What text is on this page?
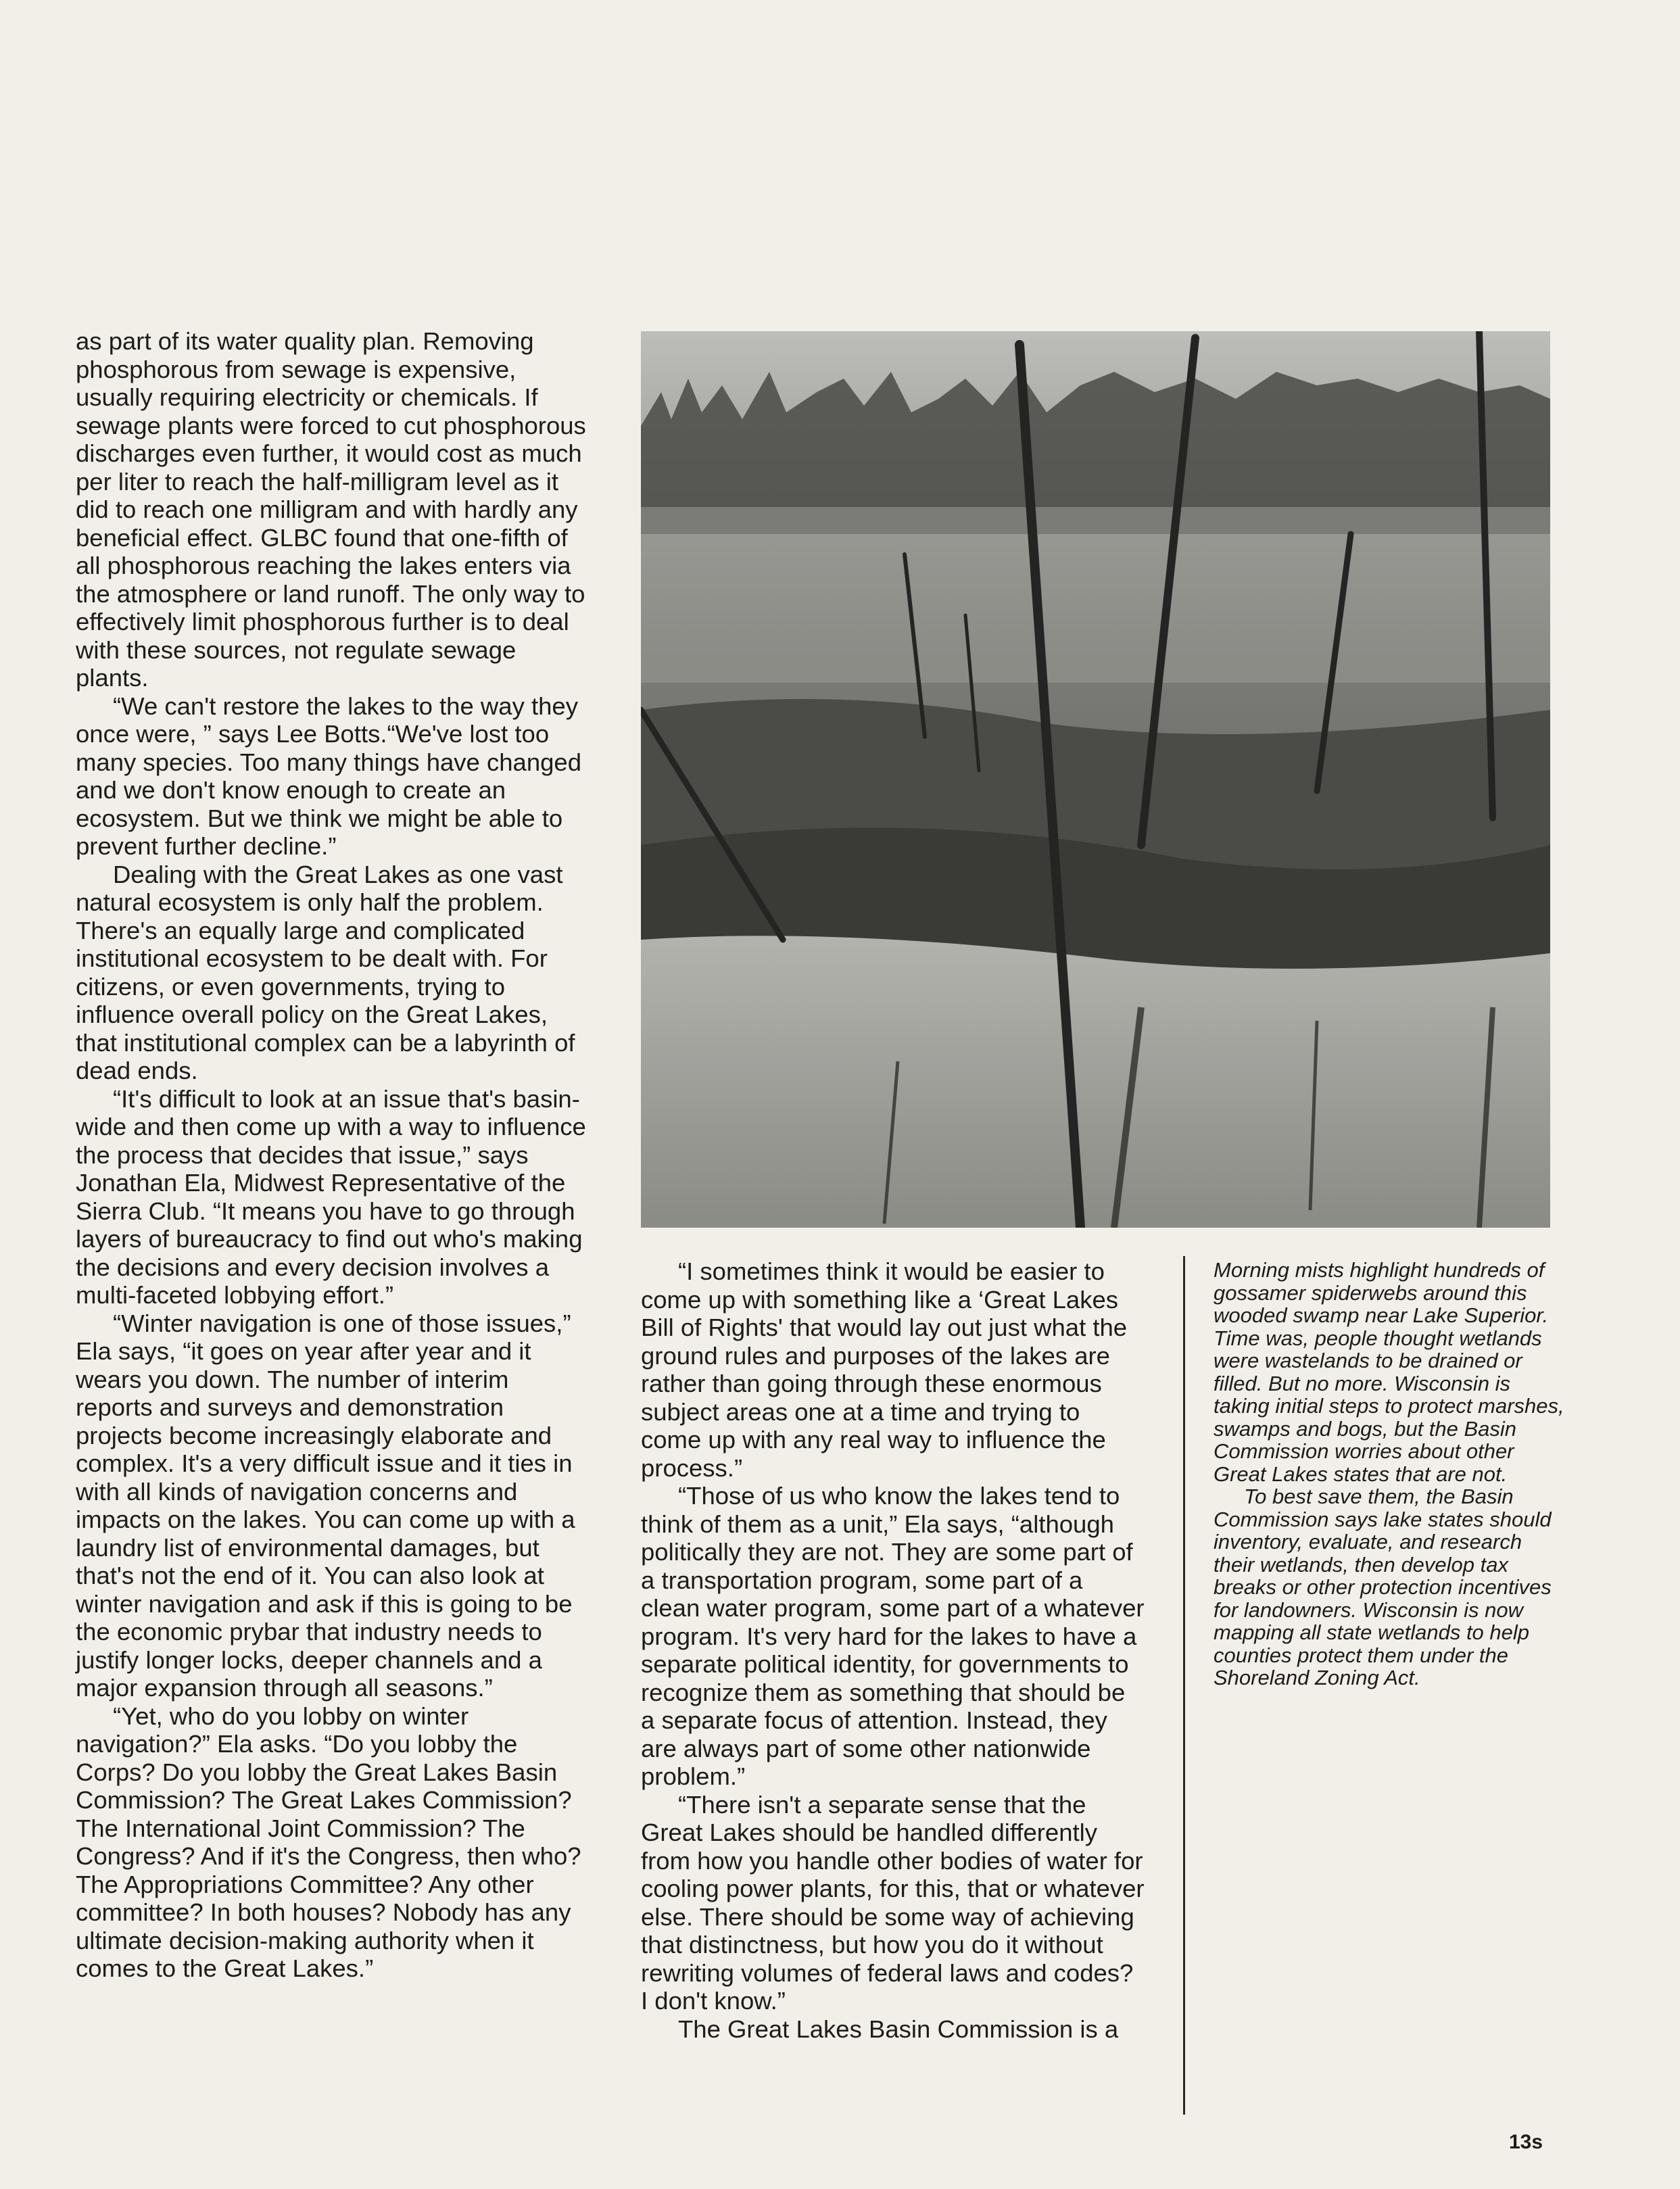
as part of its water quality plan. Removing phosphorous from sewage is expensive, usually requiring electricity or chemicals. If sewage plants were forced to cut phosphorous discharges even further, it would cost as much per liter to reach the half-milligram level as it did to reach one milligram and with hardly any beneficial effect. GLBC found that one-fifth of all phosphorous reaching the lakes enters via the atmosphere or land runoff. The only way to effectively limit phosphorous further is to deal with these sources, not regulate sewage plants.

“We can't restore the lakes to the way they once were, ” says Lee Botts.“We've lost too many species. Too many things have changed and we don't know enough to create an ecosystem. But we think we might be able to prevent further decline.”

Dealing with the Great Lakes as one vast natural ecosystem is only half the problem. There's an equally large and complicated institutional ecosystem to be dealt with. For citizens, or even governments, trying to influence overall policy on the Great Lakes, that institutional complex can be a labyrinth of dead ends.

“It's difficult to look at an issue that's basin-wide and then come up with a way to influence the process that decides that issue,” says Jonathan Ela, Midwest Representative of the Sierra Club. “It means you have to go through layers of bureaucracy to find out who's making the decisions and every decision involves a multi-faceted lobbying effort.”

“Winter navigation is one of those issues,” Ela says, “it goes on year after year and it wears you down. The number of interim reports and surveys and demonstration projects become increasingly elaborate and complex. It's a very difficult issue and it ties in with all kinds of navigation concerns and impacts on the lakes. You can come up with a laundry list of environmental damages, but that's not the end of it. You can also look at winter navigation and ask if this is going to be the economic prybar that industry needs to justify longer locks, deeper channels and a major expansion through all seasons.”

“Yet, who do you lobby on winter navigation?” Ela asks. “Do you lobby the Corps? Do you lobby the Great Lakes Basin Commission? The Great Lakes Commission? The International Joint Commission? The Congress? And if it's the Congress, then who? The Appropriations Committee? Any other committee? In both houses? Nobody has any ultimate decision-making authority when it comes to the Great Lakes.”

“I sometimes think it would be easier to come up with something like a ‘Great Lakes Bill of Rights' that would lay out just what the ground rules and purposes of the lakes are rather than going through these enormous subject areas one at a time and trying to come up with any real way to influence the process.”

“Those of us who know the lakes tend to think of them as a unit,” Ela says, “although politically they are not. They are some part of a transportation program, some part of a clean water program, some part of a whatever program. It's very hard for the lakes to have a separate political identity, for governments to recognize them as something that should be a separate focus of attention. Instead, they are always part of some other nationwide problem.”

“There isn't a separate sense that the Great Lakes should be handled differently from how you handle other bodies of water for cooling power plants, for this, that or whatever else. There should be some way of achieving that distinctness, but how you do it without rewriting volumes of federal laws and codes? I don't know.”

The Great Lakes Basin Commission is a

Morning mists highlight hundreds of gossamer spiderwebs around this wooded swamp near Lake Superior. Time was, people thought wetlands were wastelands to be drained or filled. But no more. Wisconsin is taking initial steps to protect marshes, swamps and bogs, but the Basin Commission worries about other Great Lakes states that are not.

To best save them, the Basin Commission says lake states should inventory, evaluate, and research their wetlands, then develop tax breaks or other protection incentives for landowners. Wisconsin is now mapping all state wetlands to help counties protect them under the Shoreland Zoning Act.

13s
